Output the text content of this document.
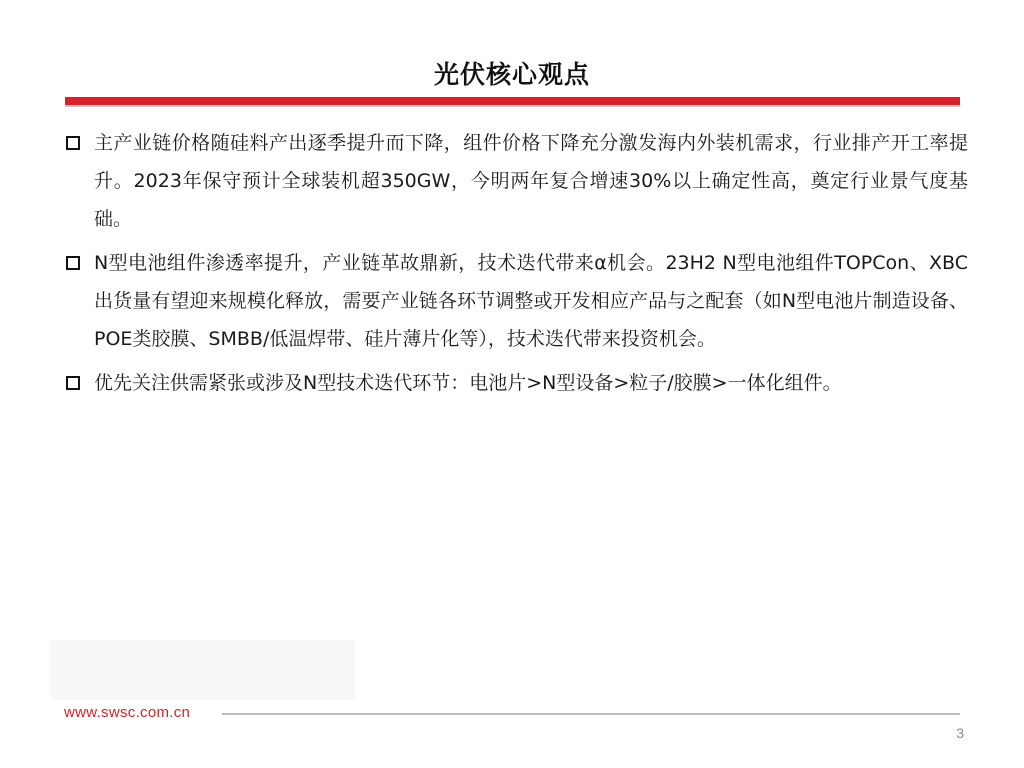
光伏核心观点
主产业链价格随硅料产出逐季提升而下降，组件价格下降充分激发海内外装机需求，行业排产开工率提升。2023年保守预计全球装机超350GW，今明两年复合增速30%以上确定性高，奠定行业景气度基础。
N型电池组件渗透率提升，产业链革故鼎新，技术迭代带来α机会。23H2 N型电池组件TOPCon、XBC出货量有望迎来规模化释放，需要产业链各环节调整或开发相应产品与之配套（如N型电池片制造设备、POE类胶膜、SMBB/低温焊带、硅片薄片化等），技术迭代带来投资机会。
优先关注供需紧张或涉及N型技术迭代环节：电池片>N型设备>粒子/胶膜>一体化组件。
www.swsc.com.cn
3
